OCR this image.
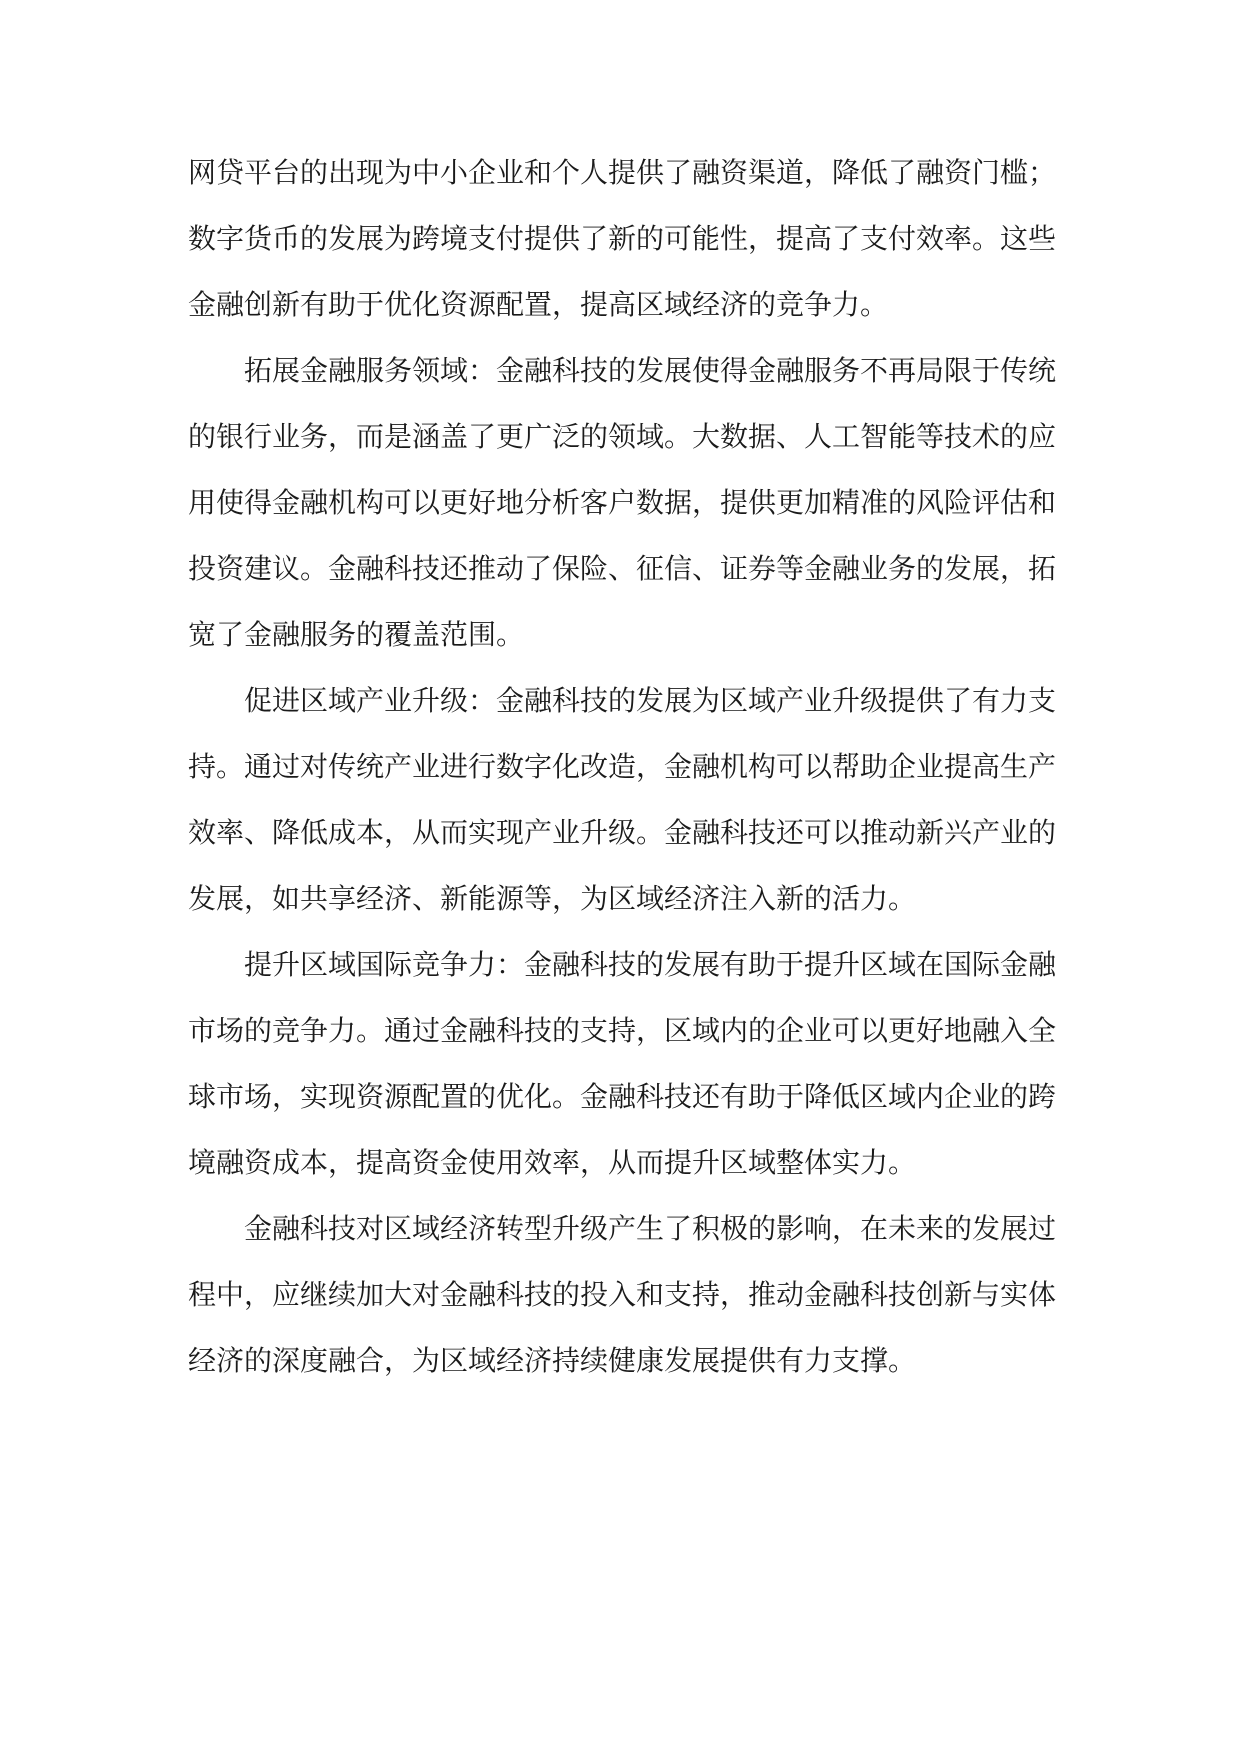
网贷平台的出现为中小企业和个人提供了融资渠道，降低了融资门槛；数字货币的发展为跨境支付提供了新的可能性，提高了支付效率。这些金融创新有助于优化资源配置，提高区域经济的竞争力。

拓展金融服务领域：金融科技的发展使得金融服务不再局限于传统的银行业务，而是涵盖了更广泛的领域。大数据、人工智能等技术的应用使得金融机构可以更好地分析客户数据，提供更加精准的风险评估和投资建议。金融科技还推动了保险、征信、证券等金融业务的发展，拓宽了金融服务的覆盖范围。

促进区域产业升级：金融科技的发展为区域产业升级提供了有力支持。通过对传统产业进行数字化改造，金融机构可以帮助企业提高生产效率、降低成本，从而实现产业升级。金融科技还可以推动新兴产业的发展，如共享经济、新能源等，为区域经济注入新的活力。

提升区域国际竞争力：金融科技的发展有助于提升区域在国际金融市场的竞争力。通过金融科技的支持，区域内的企业可以更好地融入全球市场，实现资源配置的优化。金融科技还有助于降低区域内企业的跨境融资成本，提高资金使用效率，从而提升区域整体实力。

金融科技对区域经济转型升级产生了积极的影响，在未来的发展过程中，应继续加大对金融科技的投入和支持，推动金融科技创新与实体经济的深度融合，为区域经济持续健康发展提供有力支撑。
